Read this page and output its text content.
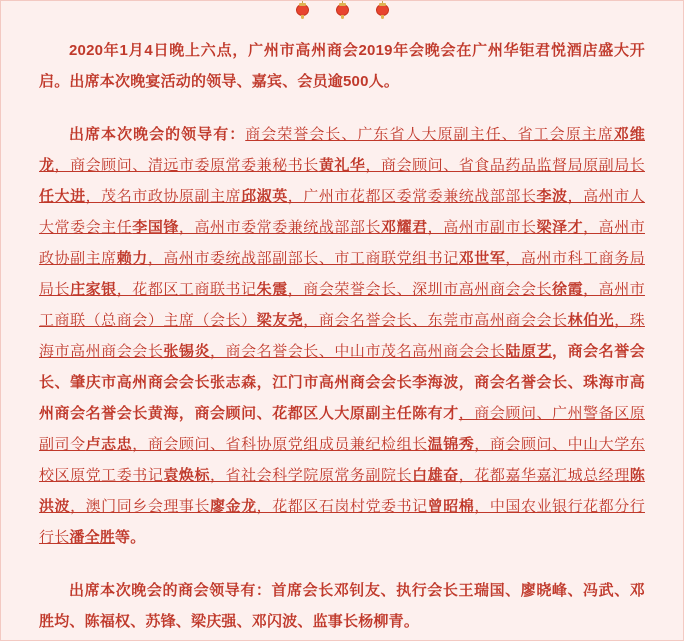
2020年1月4日晚上六点，广州市高州商会2019年会晚会在广州华钜君悦酒店盛大开启。出席本次晚宴活动的领导、嘉宾、会员逾500人。

出席本次晚会的领导有：商会荣誉会长、广东省人大原副主任、省工会原主席邓维龙，商会顾问、清远市委原常委兼秘书长黄礼华，商会顾问、省食品药品监督局原副局长任大进，茂名市政协原副主席邱淑英，广州市花都区委常委兼统战部部长李波，高州市人大常委会主任李国锋，高州市委常委兼统战部部长邓耀君，高州市副市长梁泽才，高州市政协副主席赖力，高州市委统战部副部长、市工商联党组书记邓世军，高州市科工商务局局长庄家银，花都区工商联书记朱震，商会荣誉会长、深圳市高州商会会长徐霞，高州市工商联（总商会）主席（会长）梁友尧，商会名誉会长、东莞市高州商会会长林伯光，珠海市高州商会会长张锡炎，商会名誉会长、中山市茂名高州商会会长陆原艺，商会名誉会长、肇庆市高州商会会长张志森，江门市高州商会会长李海波，商会名誉会长、珠海市高州商会名誉会长黄海，商会顾问、花都区人大原副主任陈有才，商会顾问、广州警备区原副司令卢志忠，商会顾问、省科协原党组成员兼纪检组长温锦秀，商会顾问、中山大学东校区原党工委书记袁焕标，省社会科学院原常务副院长白雄奋，花都嘉华嘉汇城总经理陈洪波，澳门同乡会理事长廖金龙，花都区石岗村党委书记曾昭棉，中国农业银行花都分行行长潘全胜等。

出席本次晚会的商会领导有：首席会长邓钊友、执行会长王瑞国、廖晓峰、冯武、邓胜均、陈福权、苏锋、梁庆强、邓闪波、监事长杨柳青。
